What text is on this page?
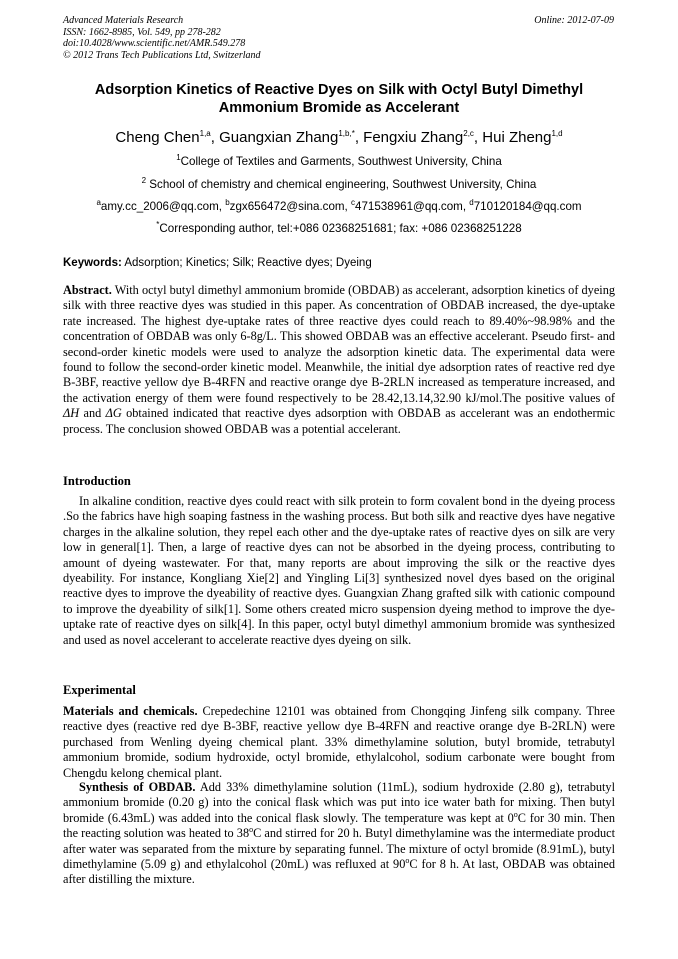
Advanced Materials Research
ISSN: 1662-8985, Vol. 549, pp 278-282
doi:10.4028/www.scientific.net/AMR.549.278
© 2012 Trans Tech Publications Ltd, Switzerland
Online: 2012-07-09
Adsorption Kinetics of Reactive Dyes on Silk with Octyl Butyl Dimethyl
Ammonium Bromide as Accelerant
Cheng Chen$^{1,a}$, Guangxian Zhang$^{1,b,*}$, Fengxiu Zhang$^{2,c}$, Hui Zheng$^{1,d}$
$^1$College of Textiles and Garments, Southwest University, China
$^2$ School of chemistry and chemical engineering, Southwest University, China
$^a$amy.cc_2006@qq.com, $^b$zgx656472@sina.com, $^c$471538961@qq.com, $^d$710120184@qq.com
*Corresponding author, tel:+086 02368251681; fax: +086 02368251228
Keywords: Adsorption; Kinetics; Silk; Reactive dyes; Dyeing
Abstract. With octyl butyl dimethyl ammonium bromide (OBDAB) as accelerant, adsorption kinetics of dyeing silk with three reactive dyes was studied in this paper. As concentration of OBDAB increased, the dye-uptake rate increased. The highest dye-uptake rates of three reactive dyes could reach to 89.40%~98.98% and the concentration of OBDAB was only 6-8g/L. This showed OBDAB was an effective accelerant. Pseudo first- and second-order kinetic models were used to analyze the adsorption kinetic data. The experimental data were found to follow the second-order kinetic model. Meanwhile, the initial dye adsorption rates of reactive red dye B-3BF, reactive yellow dye B-4RFN and reactive orange dye B-2RLN increased as temperature increased, and the activation energy of them were found respectively to be 28.42,13.14,32.90 kJ/mol.The positive values of ΔH and ΔG obtained indicated that reactive dyes adsorption with OBDAB as accelerant was an endothermic process. The conclusion showed OBDAB was a potential accelerant.
Introduction
In alkaline condition, reactive dyes could react with silk protein to form covalent bond in the dyeing process .So the fabrics have high soaping fastness in the washing process. But both silk and reactive dyes have negative charges in the alkaline solution, they repel each other and the dye-uptake rates of reactive dyes on silk are very low in general[1]. Then, a large of reactive dyes can not be absorbed in the dyeing process, contributing to amount of dyeing wastewater. For that, many reports are about improving the silk or the reactive dyes dyeability. For instance, Kongliang Xie[2] and Yingling Li[3] synthesized novel dyes based on the original reactive dyes to improve the dyeability of reactive dyes. Guangxian Zhang grafted silk with cationic compound to improve the dyeability of silk[1]. Some others created micro suspension dyeing method to improve the dye-uptake rate of reactive dyes on silk[4]. In this paper, octyl butyl dimethyl ammonium bromide was synthesized and used as novel accelerant to accelerate reactive dyes dyeing on silk.
Experimental
Materials and chemicals. Crepedechine 12101 was obtained from Chongqing Jinfeng silk company. Three reactive dyes (reactive red dye B-3BF, reactive yellow dye B-4RFN and reactive orange dye B-2RLN) were purchased from Wenling dyeing chemical plant. 33% dimethylamine solution, butyl bromide, tetrabutyl ammonium bromide, sodium hydroxide, octyl bromide, ethylalcohol, sodium carbonate were bought from Chengdu kelong chemical plant.
Synthesis of OBDAB. Add 33% dimethylamine solution (11mL), sodium hydroxide (2.80 g), tetrabutyl ammonium bromide (0.20 g) into the conical flask which was put into ice water bath for mixing. Then butyl bromide (6.43mL) was added into the conical flask slowly. The temperature was kept at 0$^o$C for 30 min. Then the reacting solution was heated to 38$^o$C and stirred for 20 h. Butyl dimethylamine was the intermediate product after water was separated from the mixture by separating funnel. The mixture of octyl bromide (8.91mL), butyl dimethylamine (5.09 g) and ethylalcohol (20mL) was refluxed at 90$^o$C for 8 h. At last, OBDAB was obtained after distilling the mixture.
